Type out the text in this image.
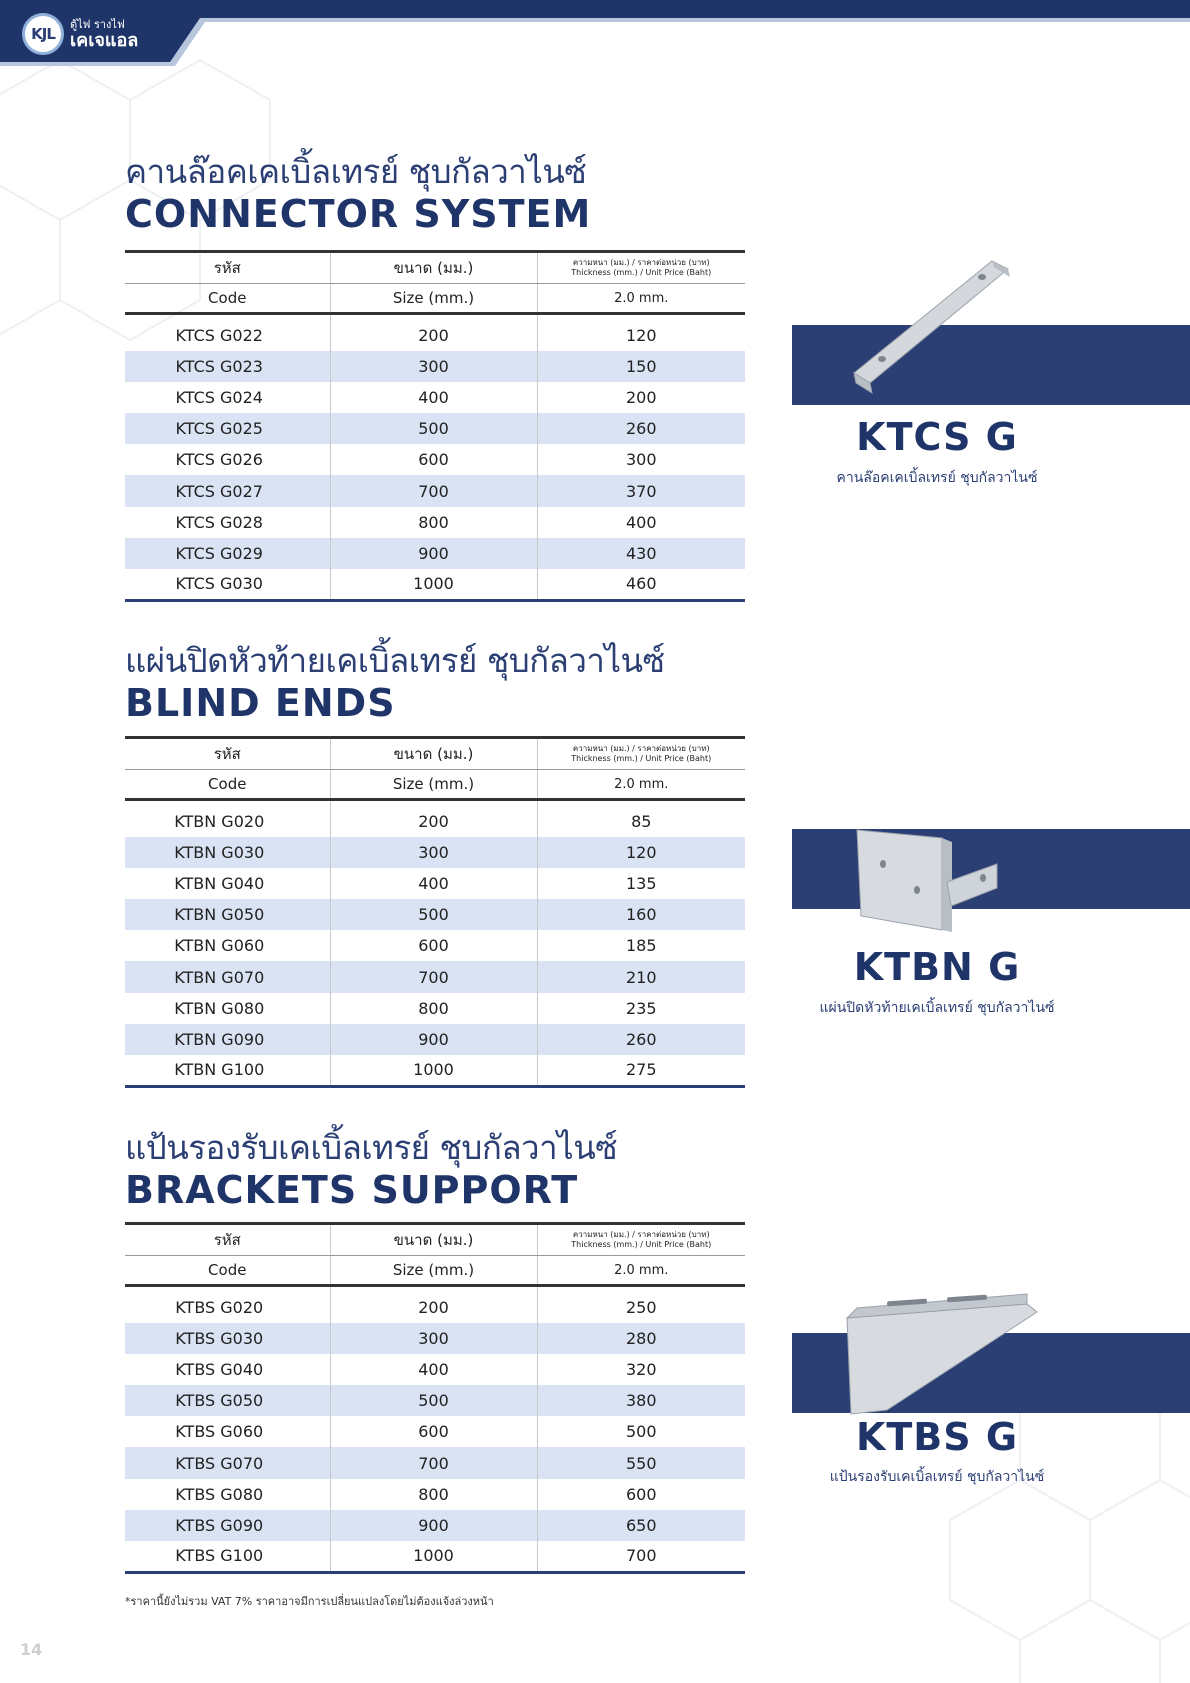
KJL
ตู้ไฟ รางไฟ
เคเจแอล
คานล๊อคเคเบิ้ลเทรย์ ชุบกัลวาไนซ์
CONNECTOR SYSTEM
รหัส	ขนาด (มม.)	ความหนา (มม.) / ราคาต่อหน่วย (บาท)
Thickness (mm.) / Unit Price (Baht)

Code	Size (mm.)	2.0 mm.

KTCS G022	200	120
KTCS G023	300	150
KTCS G024	400	200
KTCS G025	500	260
KTCS G026	600	300
KTCS G027	700	370
KTCS G028	800	400
KTCS G029	900	430
KTCS G030	1000	460
KTCS G
คานล๊อคเคเบิ้ลเทรย์ ชุบกัลวาไนซ์
แผ่นปิดหัวท้ายเคเบิ้ลเทรย์ ชุบกัลวาไนซ์
BLIND ENDS
รหัส	ขนาด (มม.)	ความหนา (มม.) / ราคาต่อหน่วย (บาท)
Thickness (mm.) / Unit Price (Baht)

Code	Size (mm.)	2.0 mm.

KTBN G020	200	85
KTBN G030	300	120
KTBN G040	400	135
KTBN G050	500	160
KTBN G060	600	185
KTBN G070	700	210
KTBN G080	800	235
KTBN G090	900	260
KTBN G100	1000	275
KTBN G
แผ่นปิดหัวท้ายเคเบิ้ลเทรย์ ชุบกัลวาไนซ์
แป้นรองรับเคเบิ้ลเทรย์ ชุบกัลวาไนซ์
BRACKETS SUPPORT
รหัส	ขนาด (มม.)	ความหนา (มม.) / ราคาต่อหน่วย (บาท)
Thickness (mm.) / Unit Price (Baht)

Code	Size (mm.)	2.0 mm.

KTBS G020	200	250
KTBS G030	300	280
KTBS G040	400	320
KTBS G050	500	380
KTBS G060	600	500
KTBS G070	700	550
KTBS G080	800	600
KTBS G090	900	650
KTBS G100	1000	700
KTBS G
แป้นรองรับเคเบิ้ลเทรย์ ชุบกัลวาไนซ์
*ราคานี้ยังไม่รวม VAT 7% ราคาอาจมีการเปลี่ยนแปลงโดยไม่ต้องแจ้งล่วงหน้า
14
